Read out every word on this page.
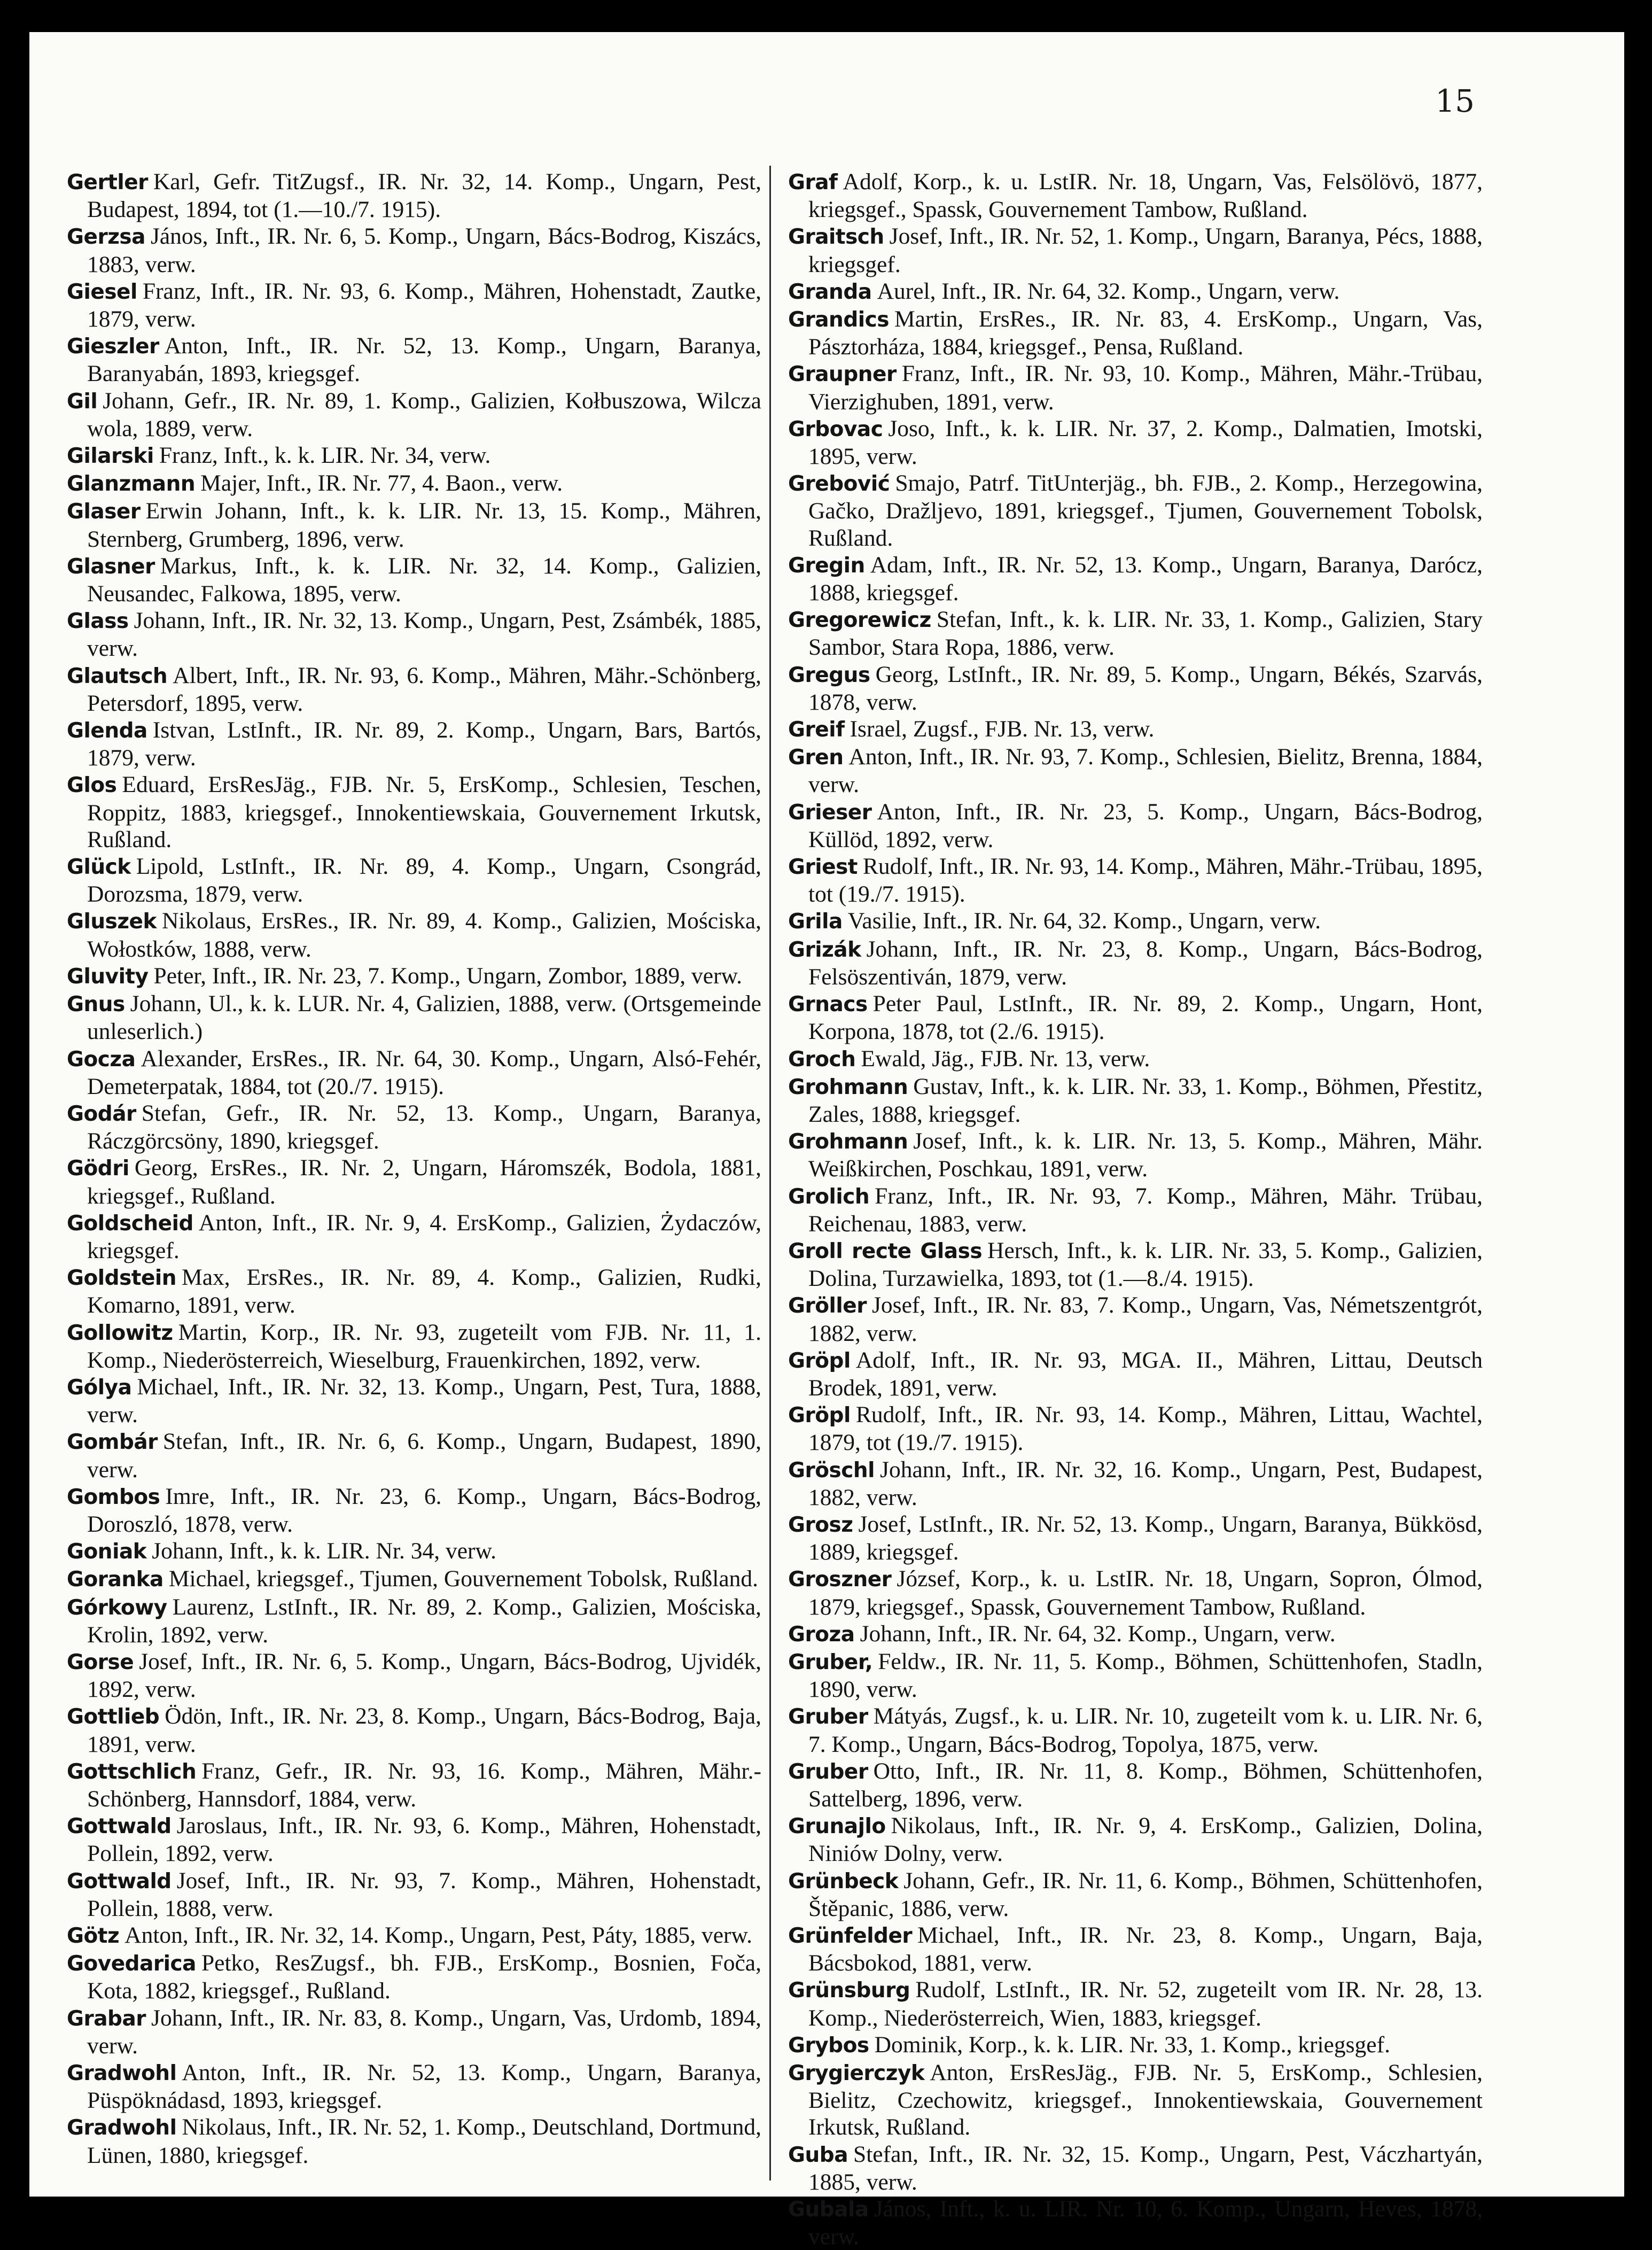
15

Gertler Karl, Gefr. TitZugsf., IR. Nr. 32, 14. Komp., Ungarn, Pest, Budapest, 1894, tot (1.—10./7. 1915).

Gerzsa János, Inft., IR. Nr. 6, 5. Komp., Ungarn, Bács-Bodrog, Kiszács, 1883, verw.

Giesel Franz, Inft., IR. Nr. 93, 6. Komp., Mähren, Hohenstadt, Zautke, 1879, verw.

Gieszler Anton, Inft., IR. Nr. 52, 13. Komp., Ungarn, Baranya, Baranyabán, 1893, kriegsgef.

Gil Johann, Gefr., IR. Nr. 89, 1. Komp., Galizien, Kołbuszowa, Wilcza wola, 1889, verw.

Gilarski Franz, Inft., k. k. LIR. Nr. 34, verw.

Glanzmann Majer, Inft., IR. Nr. 77, 4. Baon., verw.

Glaser Erwin Johann, Inft., k. k. LIR. Nr. 13, 15. Komp., Mähren, Sternberg, Grumberg, 1896, verw.

Glasner Markus, Inft., k. k. LIR. Nr. 32, 14. Komp., Galizien, Neusandec, Falkowa, 1895, verw.

Glass Johann, Inft., IR. Nr. 32, 13. Komp., Ungarn, Pest, Zsámbék, 1885, verw.

Glautsch Albert, Inft., IR. Nr. 93, 6. Komp., Mähren, Mähr.-Schönberg, Petersdorf, 1895, verw.

Glenda Istvan, LstInft., IR. Nr. 89, 2. Komp., Ungarn, Bars, Bartós, 1879, verw.

Glos Eduard, ErsResJäg., FJB. Nr. 5, ErsKomp., Schlesien, Teschen, Roppitz, 1883, kriegsgef., Innokentiewskaia, Gouvernement Irkutsk, Rußland.

Glück Lipold, LstInft., IR. Nr. 89, 4. Komp., Ungarn, Csongrád, Dorozsma, 1879, verw.

Gluszek Nikolaus, ErsRes., IR. Nr. 89, 4. Komp., Galizien, Mościska, Wołostków, 1888, verw.

Gluvity Peter, Inft., IR. Nr. 23, 7. Komp., Ungarn, Zombor, 1889, verw.

Gnus Johann, Ul., k. k. LUR. Nr. 4, Galizien, 1888, verw. (Ortsgemeinde unleserlich.)

Gocza Alexander, ErsRes., IR. Nr. 64, 30. Komp., Ungarn, Alsó-Fehér, Demeterpatak, 1884, tot (20./7. 1915).

Godár Stefan, Gefr., IR. Nr. 52, 13. Komp., Ungarn, Baranya, Ráczgörcsöny, 1890, kriegsgef.

Gödri Georg, ErsRes., IR. Nr. 2, Ungarn, Háromszék, Bodola, 1881, kriegsgef., Rußland.

Goldscheid Anton, Inft., IR. Nr. 9, 4. ErsKomp., Galizien, Żydaczów, kriegsgef.

Goldstein Max, ErsRes., IR. Nr. 89, 4. Komp., Galizien, Rudki, Komarno, 1891, verw.

Gollowitz Martin, Korp., IR. Nr. 93, zugeteilt vom FJB. Nr. 11, 1. Komp., Niederösterreich, Wieselburg, Frauenkirchen, 1892, verw.

Gólya Michael, Inft., IR. Nr. 32, 13. Komp., Ungarn, Pest, Tura, 1888, verw.

Gombár Stefan, Inft., IR. Nr. 6, 6. Komp., Ungarn, Budapest, 1890, verw.

Gombos Imre, Inft., IR. Nr. 23, 6. Komp., Ungarn, Bács-Bodrog, Doroszló, 1878, verw.

Goniak Johann, Inft., k. k. LIR. Nr. 34, verw.

Goranka Michael, kriegsgef., Tjumen, Gouvernement Tobolsk, Rußland.

Górkowy Laurenz, LstInft., IR. Nr. 89, 2. Komp., Galizien, Mościska, Krolin, 1892, verw.

Gorse Josef, Inft., IR. Nr. 6, 5. Komp., Ungarn, Bács-Bodrog, Ujvidék, 1892, verw.

Gottlieb Ödön, Inft., IR. Nr. 23, 8. Komp., Ungarn, Bács-Bodrog, Baja, 1891, verw.

Gottschlich Franz, Gefr., IR. Nr. 93, 16. Komp., Mähren, Mähr.-Schönberg, Hannsdorf, 1884, verw.

Gottwald Jaroslaus, Inft., IR. Nr. 93, 6. Komp., Mähren, Hohenstadt, Pollein, 1892, verw.

Gottwald Josef, Inft., IR. Nr. 93, 7. Komp., Mähren, Hohenstadt, Pollein, 1888, verw.

Götz Anton, Inft., IR. Nr. 32, 14. Komp., Ungarn, Pest, Páty, 1885, verw.

Govedarica Petko, ResZugsf., bh. FJB., ErsKomp., Bosnien, Foča, Kota, 1882, kriegsgef., Rußland.

Grabar Johann, Inft., IR. Nr. 83, 8. Komp., Ungarn, Vas, Urdomb, 1894, verw.

Gradwohl Anton, Inft., IR. Nr. 52, 13. Komp., Ungarn, Baranya, Püspöknádasd, 1893, kriegsgef.

Gradwohl Nikolaus, Inft., IR. Nr. 52, 1. Komp., Deutschland, Dortmund, Lünen, 1880, kriegsgef.

Graf Adolf, Korp., k. u. LstIR. Nr. 18, Ungarn, Vas, Felsölövö, 1877, kriegsgef., Spassk, Gouvernement Tambow, Rußland.

Graitsch Josef, Inft., IR. Nr. 52, 1. Komp., Ungarn, Baranya, Pécs, 1888, kriegsgef.

Granda Aurel, Inft., IR. Nr. 64, 32. Komp., Ungarn, verw.

Grandics Martin, ErsRes., IR. Nr. 83, 4. ErsKomp., Ungarn, Vas, Pásztorháza, 1884, kriegsgef., Pensa, Rußland.

Graupner Franz, Inft., IR. Nr. 93, 10. Komp., Mähren, Mähr.-Trübau, Vierzighuben, 1891, verw.

Grbovac Joso, Inft., k. k. LIR. Nr. 37, 2. Komp., Dalmatien, Imotski, 1895, verw.

Grebović Smajo, Patrf. TitUnterjäg., bh. FJB., 2. Komp., Herzegowina, Gačko, Dražljevo, 1891, kriegsgef., Tjumen, Gouvernement Tobolsk, Rußland.

Gregin Adam, Inft., IR. Nr. 52, 13. Komp., Ungarn, Baranya, Darócz, 1888, kriegsgef.

Gregorewicz Stefan, Inft., k. k. LIR. Nr. 33, 1. Komp., Galizien, Stary Sambor, Stara Ropa, 1886, verw.

Gregus Georg, LstInft., IR. Nr. 89, 5. Komp., Ungarn, Békés, Szarvás, 1878, verw.

Greif Israel, Zugsf., FJB. Nr. 13, verw.

Gren Anton, Inft., IR. Nr. 93, 7. Komp., Schlesien, Bielitz, Brenna, 1884, verw.

Grieser Anton, Inft., IR. Nr. 23, 5. Komp., Ungarn, Bács-Bodrog, Küllöd, 1892, verw.

Griest Rudolf, Inft., IR. Nr. 93, 14. Komp., Mähren, Mähr.-Trübau, 1895, tot (19./7. 1915).

Grila Vasilie, Inft., IR. Nr. 64, 32. Komp., Ungarn, verw.

Grizák Johann, Inft., IR. Nr. 23, 8. Komp., Ungarn, Bács-Bodrog, Felsöszentiván, 1879, verw.

Grnacs Peter Paul, LstInft., IR. Nr. 89, 2. Komp., Ungarn, Hont, Korpona, 1878, tot (2./6. 1915).

Groch Ewald, Jäg., FJB. Nr. 13, verw.

Grohmann Gustav, Inft., k. k. LIR. Nr. 33, 1. Komp., Böhmen, Přestitz, Zales, 1888, kriegsgef.

Grohmann Josef, Inft., k. k. LIR. Nr. 13, 5. Komp., Mähren, Mähr. Weißkirchen, Poschkau, 1891, verw.

Grolich Franz, Inft., IR. Nr. 93, 7. Komp., Mähren, Mähr. Trübau, Reichenau, 1883, verw.

Groll recte Glass Hersch, Inft., k. k. LIR. Nr. 33, 5. Komp., Galizien, Dolina, Turzawielka, 1893, tot (1.—8./4. 1915).

Gröller Josef, Inft., IR. Nr. 83, 7. Komp., Ungarn, Vas, Németszentgrót, 1882, verw.

Gröpl Adolf, Inft., IR. Nr. 93, MGA. II., Mähren, Littau, Deutsch Brodek, 1891, verw.

Gröpl Rudolf, Inft., IR. Nr. 93, 14. Komp., Mähren, Littau, Wachtel, 1879, tot (19./7. 1915).

Gröschl Johann, Inft., IR. Nr. 32, 16. Komp., Ungarn, Pest, Budapest, 1882, verw.

Grosz Josef, LstInft., IR. Nr. 52, 13. Komp., Ungarn, Baranya, Bükkösd, 1889, kriegsgef.

Groszner József, Korp., k. u. LstIR. Nr. 18, Ungarn, Sopron, Ólmod, 1879, kriegsgef., Spassk, Gouvernement Tambow, Rußland.

Groza Johann, Inft., IR. Nr. 64, 32. Komp., Ungarn, verw.

Gruber, Feldw., IR. Nr. 11, 5. Komp., Böhmen, Schüttenhofen, Stadln, 1890, verw.

Gruber Mátyás, Zugsf., k. u. LIR. Nr. 10, zugeteilt vom k. u. LIR. Nr. 6, 7. Komp., Ungarn, Bács-Bodrog, Topolya, 1875, verw.

Gruber Otto, Inft., IR. Nr. 11, 8. Komp., Böhmen, Schüttenhofen, Sattelberg, 1896, verw.

Grunajlo Nikolaus, Inft., IR. Nr. 9, 4. ErsKomp., Galizien, Dolina, Niniów Dolny, verw.

Grünbeck Johann, Gefr., IR. Nr. 11, 6. Komp., Böhmen, Schüttenhofen, Štěpanic, 1886, verw.

Grünfelder Michael, Inft., IR. Nr. 23, 8. Komp., Ungarn, Baja, Bácsbokod, 1881, verw.

Grünsburg Rudolf, LstInft., IR. Nr. 52, zugeteilt vom IR. Nr. 28, 13. Komp., Niederösterreich, Wien, 1883, kriegsgef.

Grybos Dominik, Korp., k. k. LIR. Nr. 33, 1. Komp., kriegsgef.

Grygierczyk Anton, ErsResJäg., FJB. Nr. 5, ErsKomp., Schlesien, Bielitz, Czechowitz, kriegsgef., Innokentiewskaia, Gouvernement Irkutsk, Rußland.

Guba Stefan, Inft., IR. Nr. 32, 15. Komp., Ungarn, Pest, Váczhartyán, 1885, verw.

Gubala János, Inft., k. u. LIR. Nr. 10, 6. Komp., Ungarn, Heves, 1878, verw.
